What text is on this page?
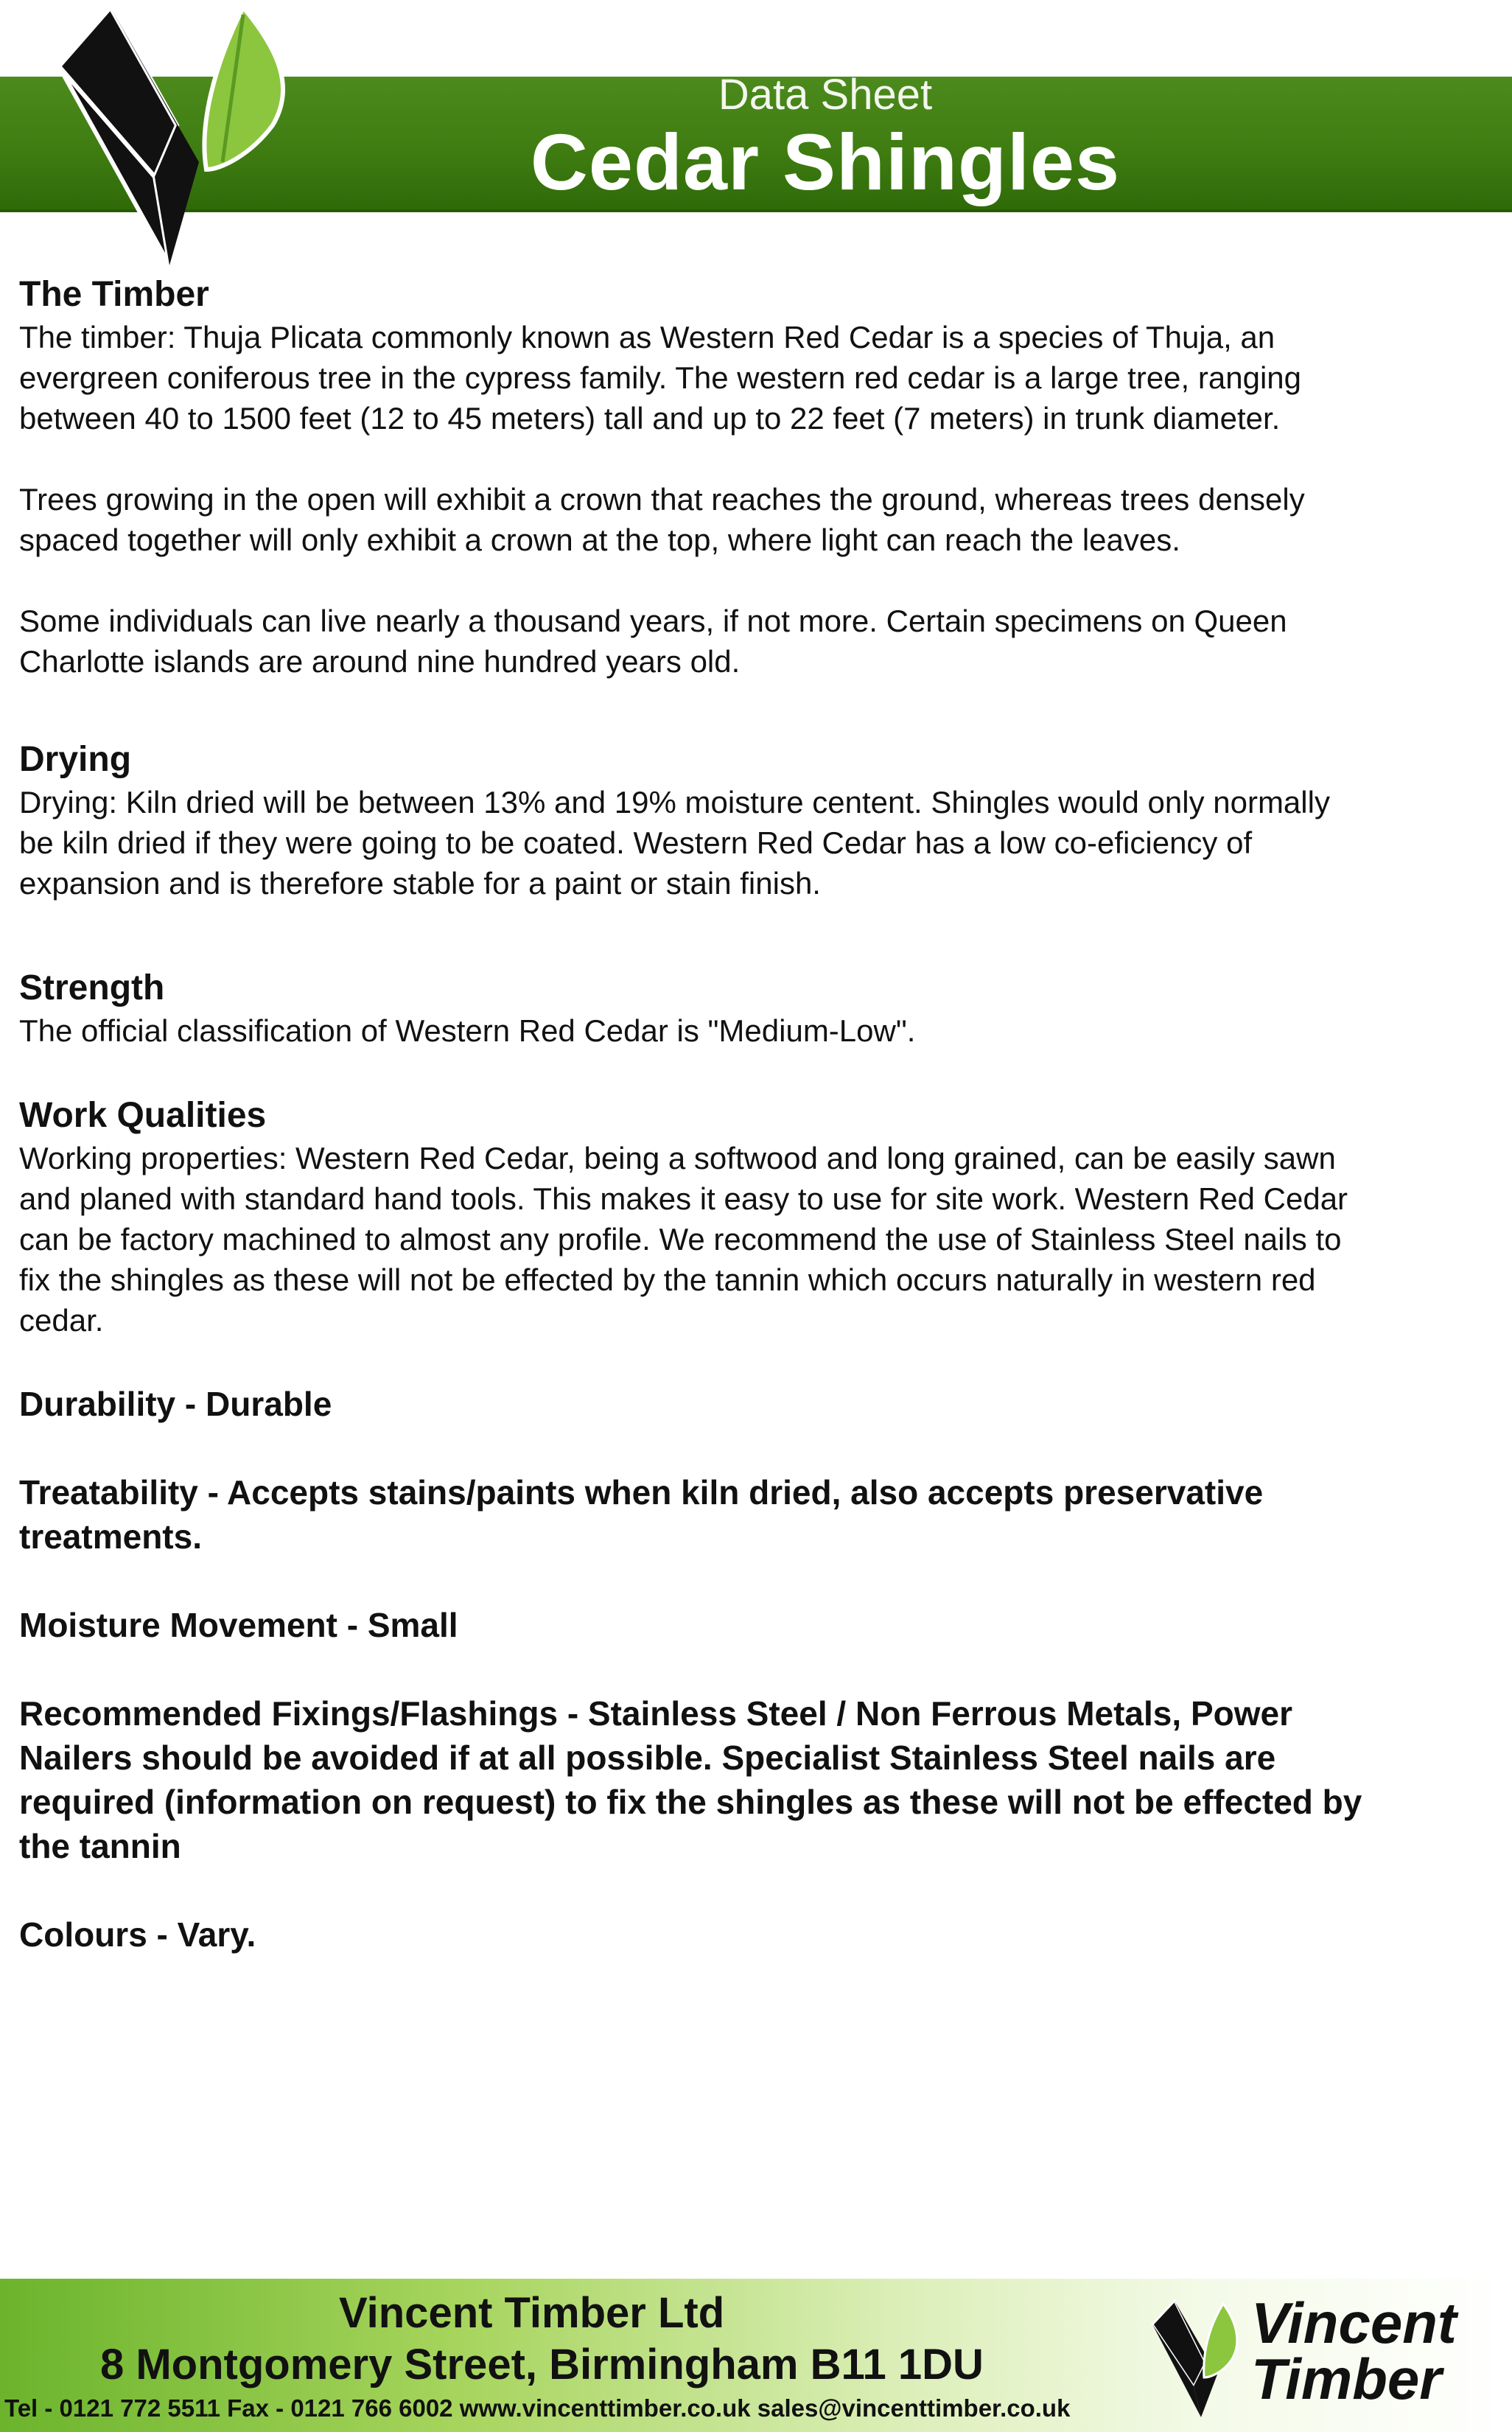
Data Sheet
Cedar Shingles

The Timber

The timber: Thuja Plicata commonly known as Western Red Cedar is a species of Thuja, an
evergreen coniferous tree in the cypress family. The western red cedar is a large tree, ranging
between 40 to 1500 feet (12 to 45 meters) tall and up to 22 feet (7 meters) in trunk diameter.

Trees growing in the open will exhibit a crown that reaches the ground, whereas trees densely
spaced together will only exhibit a crown at the top, where light can reach the leaves.

Some individuals can live nearly a thousand years, if not more. Certain specimens on Queen
Charlotte islands are around nine hundred years old.

Drying

Drying: Kiln dried will be between 13% and 19% moisture centent. Shingles would only normally
be kiln dried if they were going to be coated. Western Red Cedar has a low co-eficiency of
expansion and is therefore stable for a paint or stain finish.

Strength

The official classification of Western Red Cedar is "Medium-Low".

Work Qualities

Working properties: Western Red Cedar, being a softwood and long grained, can be easily sawn
and planed with standard hand tools. This makes it easy to use for site work. Western Red Cedar
can be factory machined to almost any profile. We recommend the use of Stainless Steel nails to
fix the shingles as these will not be effected by the tannin which occurs naturally in western red
cedar.

Durability - Durable

Treatability - Accepts stains/paints when kiln dried, also accepts preservative
treatments.

Moisture Movement - Small

Recommended Fixings/Flashings - Stainless Steel / Non Ferrous Metals, Power
Nailers should be avoided if at all possible. Specialist Stainless Steel nails are
required (information on request) to fix the shingles as these will not be effected by
the tannin

Colours - Vary.

Vincent Timber Ltd
8 Montgomery Street, Birmingham B11 1DU
Tel - 0121 772 5511 Fax - 0121 766 6002 www.vincenttimber.co.uk sales@vincenttimber.co.uk
Vincent
Timber
